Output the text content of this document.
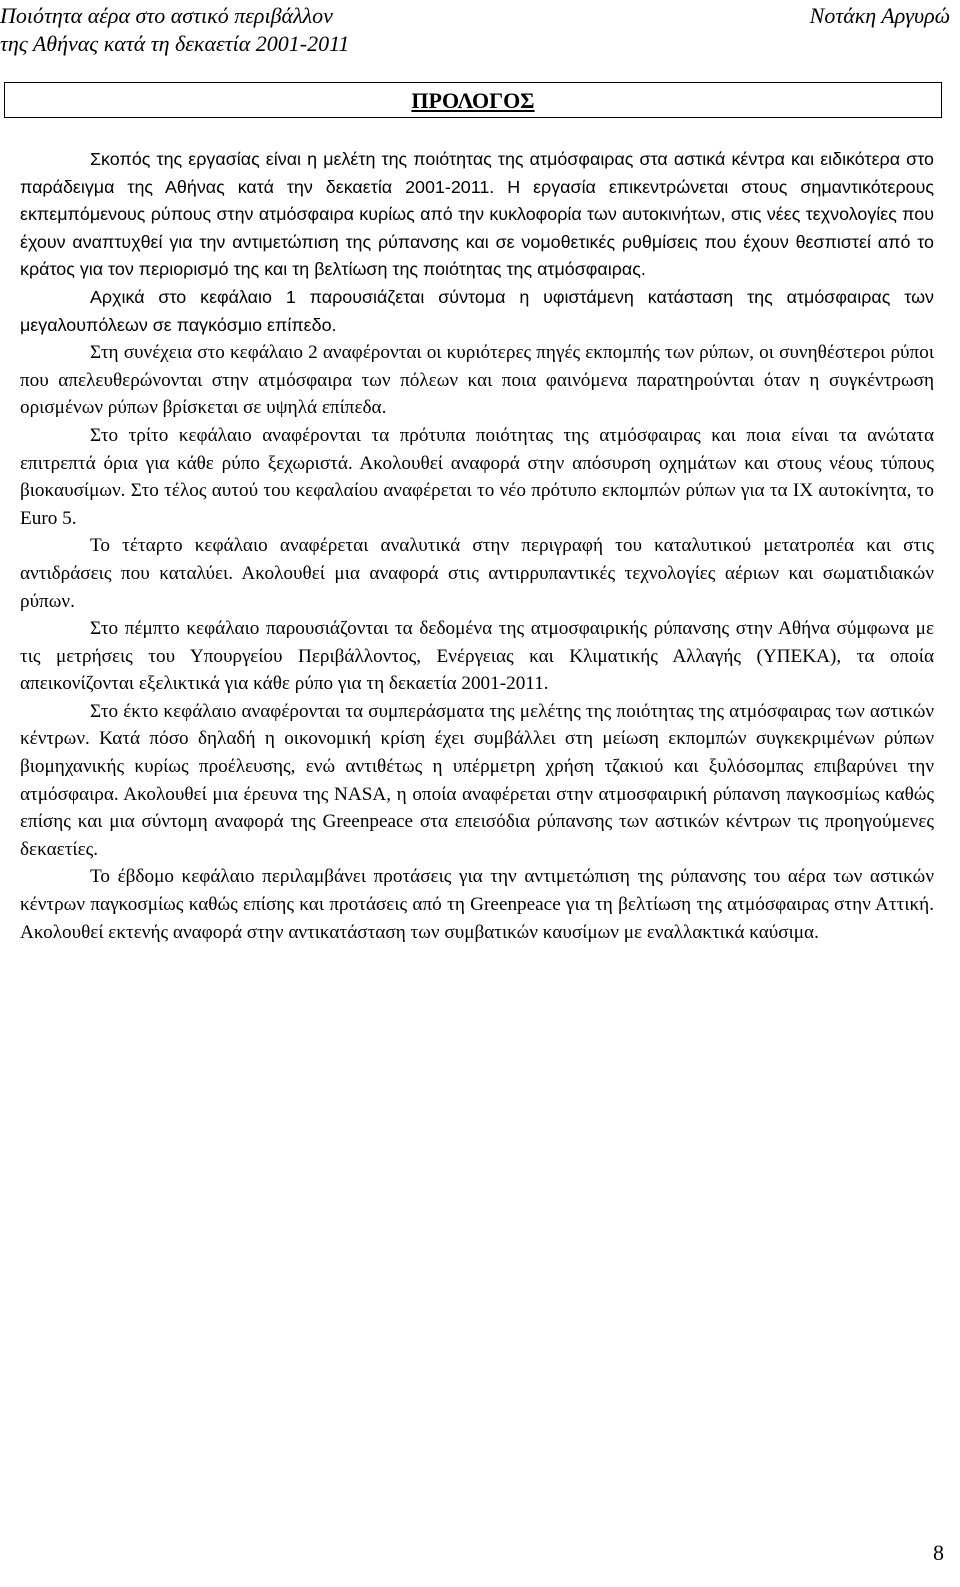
Ποιότητα αέρα στο αστικό περιβάλλον
της Αθήνας κατά τη δεκαετία 2001-2011
Νοτάκη Αργυρώ
ΠΡΟΛΟΓΟΣ

Σκοπός της εργασίας είναι η μελέτη της ποιότητας της ατμόσφαιρας στα αστικά κέντρα και ειδικότερα στο παράδειγμα της Αθήνας κατά την δεκαετία 2001-2011. Η εργασία επικεντρώνεται στους σημαντικότερους εκπεμπόμενους ρύπους στην ατμόσφαιρα κυρίως από την κυκλοφορία των αυτοκινήτων, στις νέες τεχνολογίες που έχουν αναπτυχθεί για την αντιμετώπιση της ρύπανσης και σε νομοθετικές ρυθμίσεις που έχουν θεσπιστεί από το κράτος για τον περιορισμό της και τη βελτίωση της ποιότητας της ατμόσφαιρας.

Αρχικά στο κεφάλαιο 1 παρουσιάζεται σύντομα η υφιστάμενη κατάσταση της ατμόσφαιρας των μεγαλουπόλεων σε παγκόσμιο επίπεδο.

Στη συνέχεια στο κεφάλαιο 2 αναφέρονται οι κυριότερες πηγές εκπομπής των ρύπων, οι συνηθέστεροι ρύποι που απελευθερώνονται στην ατμόσφαιρα των πόλεων και ποια φαινόμενα παρατηρούνται όταν η συγκέντρωση ορισμένων ρύπων βρίσκεται σε υψηλά επίπεδα.

Στο τρίτο κεφάλαιο αναφέρονται τα πρότυπα ποιότητας της ατμόσφαιρας και ποια είναι τα ανώτατα επιτρεπτά όρια για κάθε ρύπο ξεχωριστά. Ακολουθεί αναφορά στην απόσυρση οχημάτων και στους νέους τύπους βιοκαυσίμων. Στο τέλος αυτού του κεφαλαίου αναφέρεται το νέο πρότυπο εκπομπών ρύπων για τα ΙΧ αυτοκίνητα, το Euro 5.

Το τέταρτο κεφάλαιο αναφέρεται αναλυτικά στην περιγραφή του καταλυτικού μετατροπέα και στις αντιδράσεις που καταλύει. Ακολουθεί μια αναφορά στις αντιρρυπαντικές τεχνολογίες αέριων και σωματιδιακών ρύπων.

Στο πέμπτο κεφάλαιο παρουσιάζονται τα δεδομένα της ατμοσφαιρικής ρύπανσης στην Αθήνα σύμφωνα με τις μετρήσεις του Υπουργείου Περιβάλλοντος, Ενέργειας και Κλιματικής Αλλαγής (ΥΠΕΚΑ), τα οποία απεικονίζονται εξελικτικά για κάθε ρύπο για τη δεκαετία 2001-2011.

Στο έκτο κεφάλαιο αναφέρονται τα συμπεράσματα της μελέτης της ποιότητας της ατμόσφαιρας των αστικών κέντρων. Κατά πόσο δηλαδή η οικονομική κρίση έχει συμβάλλει στη μείωση εκπομπών συγκεκριμένων ρύπων βιομηχανικής κυρίως προέλευσης, ενώ αντιθέτως η υπέρμετρη χρήση τζακιού και ξυλόσομπας επιβαρύνει την ατμόσφαιρα. Ακολουθεί μια έρευνα της NASA, η οποία αναφέρεται στην ατμοσφαιρική ρύπανση παγκοσμίως καθώς επίσης και μια σύντομη αναφορά της Greenpeace στα επεισόδια ρύπανσης των αστικών κέντρων τις προηγούμενες δεκαετίες.

Το έβδομο κεφάλαιο περιλαμβάνει προτάσεις για την αντιμετώπιση της ρύπανσης του αέρα των αστικών κέντρων παγκοσμίως καθώς επίσης και προτάσεις από τη Greenpeace για τη βελτίωση της ατμόσφαιρας στην Αττική. Ακολουθεί εκτενής αναφορά στην αντικατάσταση των συμβατικών καυσίμων με εναλλακτικά καύσιμα.

8
